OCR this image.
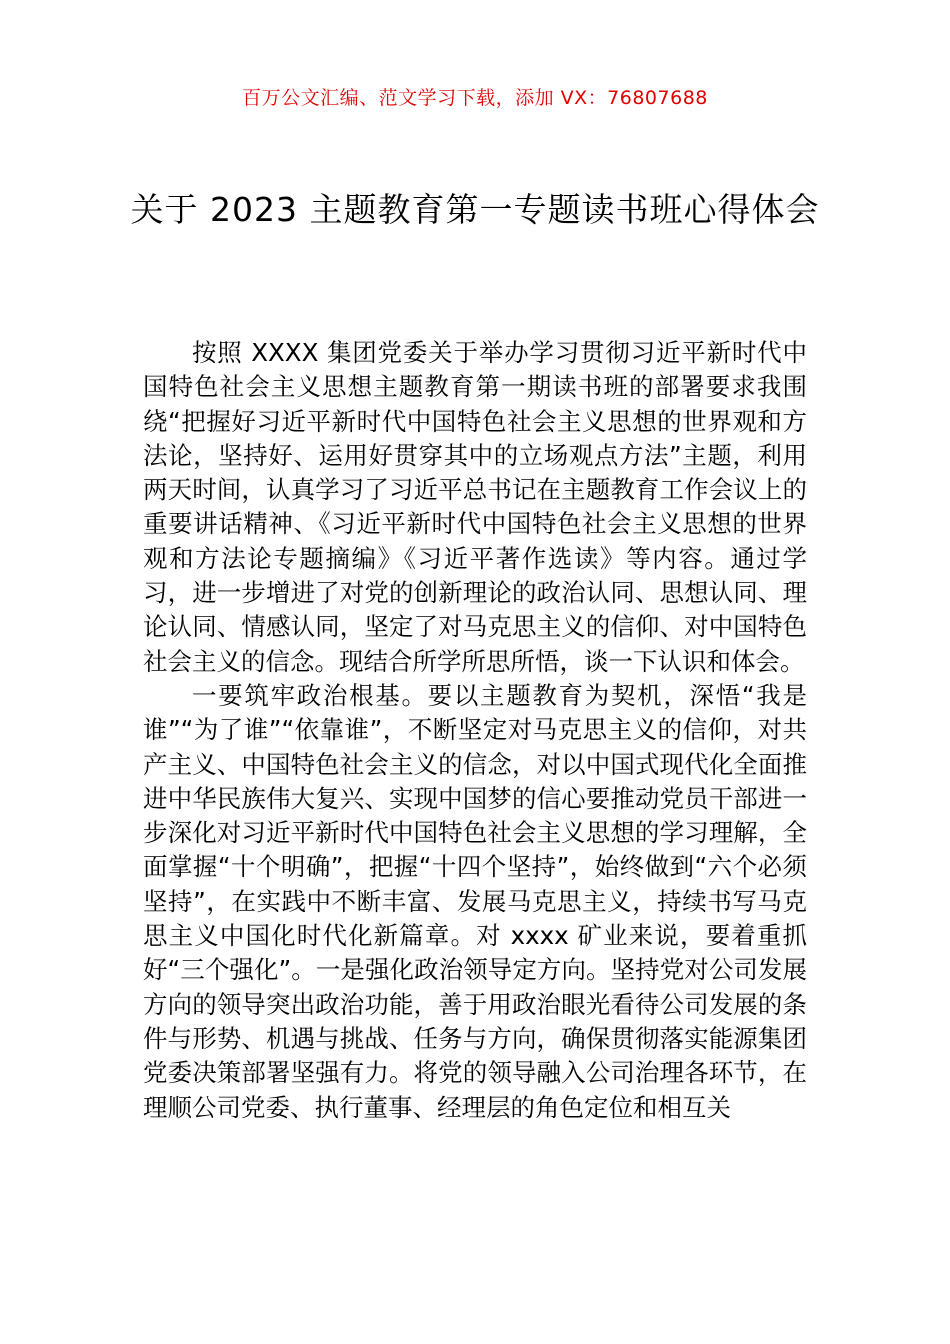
百万公文汇编、范文学习下载，添加 VX：76807688
关于 2023 主题教育第一专题读书班心得体会

按照 XXXX 集团党委关于举办学习贯彻习近平新时代中国特色社会主义思想主题教育第一期读书班的部署要求我围绕“把握好习近平新时代中国特色社会主义思想的世界观和方法论，坚持好、运用好贯穿其中的立场观点方法”主题，利用两天时间，认真学习了习近平总书记在主题教育工作会议上的重要讲话精神、《习近平新时代中国特色社会主义思想的世界观和方法论专题摘编》《习近平著作选读》等内容。通过学习，进一步增进了对党的创新理论的政治认同、思想认同、理论认同、情感认同，坚定了对马克思主义的信仰、对中国特色社会主义的信念。现结合所学所思所悟，谈一下认识和体会。

一要筑牢政治根基。要以主题教育为契机，深悟“我是谁”“为了谁”“依靠谁”，不断坚定对马克思主义的信仰，对共产主义、中国特色社会主义的信念，对以中国式现代化全面推进中华民族伟大复兴、实现中国梦的信心要推动党员干部进一步深化对习近平新时代中国特色社会主义思想的学习理解，全面掌握“十个明确”，把握“十四个坚持”，始终做到“六个必须坚持”，在实践中不断丰富、发展马克思主义，持续书写马克思主义中国化时代化新篇章。对 xxxx 矿业来说，要着重抓好“三个强化”。一是强化政治领导定方向。坚持党对公司发展方向的领导突出政治功能，善于用政治眼光看待公司发展的条件与形势、机遇与挑战、任务与方向，确保贯彻落实能源集团党委决策部署坚强有力。将党的领导融入公司治理各环节，在理顺公司党委、执行董事、经理层的角色定位和相互关
